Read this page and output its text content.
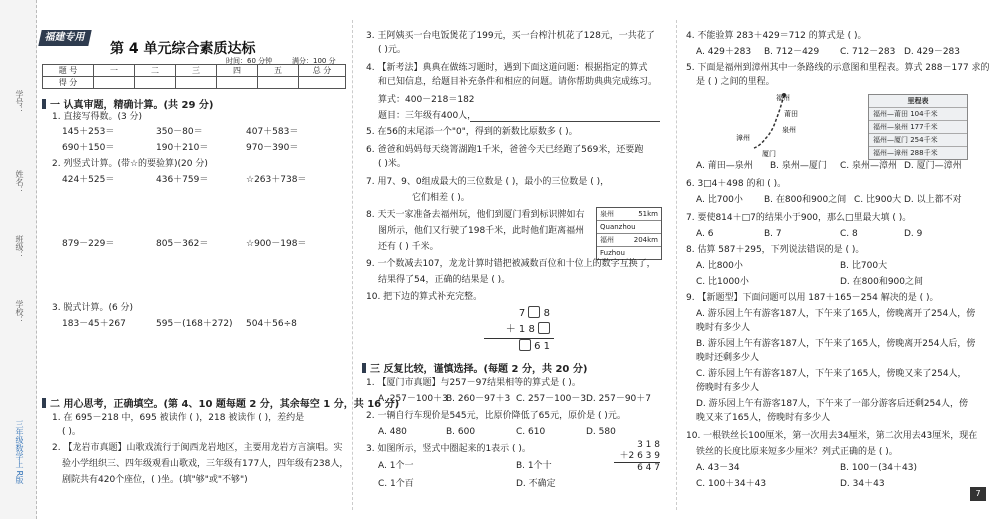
学号：
姓名：
班级：
学校：
三年级数学上 R版
福建专用
第 4 单元综合素质达标
时间：60 分钟	满分：100 分
题 号	一	二	三	四	五	总 分
得 分						
一 认真审题，精确计算。(共 29 分)
1. 直接写得数。(3 分)
145＋253＝	350－80＝	407＋583＝
690＋150＝	190＋210＝	970－390＝
2. 列竖式计算。(带☆的要验算)(20 分)
424＋525＝	436＋759＝	☆263＋738＝
879－229＝	805－362＝	☆900－198＝
3. 脱式计算。(6 分)
183－45＋267	595－(168＋272) 504＋56÷8
二 用心思考，正确填空。(第 4、10 题每题 2 分，其余每空 1 分，共 16 分)
1. 在 695－218 中，695 被读作 ( )，218 被读作 ( )，差约是
( )。
2. 【龙岩市真题】山歌戏流行于闽西龙岩地区，主要用龙岩方言演唱。实
验小学组织三、四年级观看山歌戏，三年级有177人，四年级有238人，
剧院共有420个座位，( )坐。(填"够"或"不够")
3. 王阿姨买一台电饭煲花了199元，买一台榨汁机花了128元，一共花了
( )元。
4. 【新考法】典典在做练习题时，遇到下面这道问题：根据指定的算式
和已知信息，给题目补充条件和相应的问题。请你帮助典典完成练习。
算式：400－218＝182
题目：三年级有400人，
5. 在56的末尾添一个"0"，得到的新数比原数多 ( )。
6. 爸爸和妈妈每天绕箐湖跑1千米，爸爸今天已经跑了569米，还要跑
( )米。
7. 用7、9、0组成最大的三位数是 ( )，最小的三位数是 ( )，
它们相差 ( )。
8. 天天一家准备去福州玩，他们到厦门看到标识牌如右
图所示，他们又行驶了198千米，此时他们距离福州
还有 ( ) 千米。
泉州	51km
Quanzhou
福州	204km
Fuzhou
9. 一个数减去107，龙龙计算时错把被减数百位和十位上的数字互换了，
结果得了54，正确的结果是 ( )。
10. 把下边的算式补充完整。
7 8
＋ 1 8
6 1
三 反复比较，谨慎选择。(每题 2 分，共 20 分)
1. 【厦门市真题】与257－97结果相等的算式是 ( )。
A. 257－100＋3
B. 260－97＋3 C. 257－100－3 D. 257－90＋7
2. 一辆自行车现价是545元，比原价降低了65元，原价是 ( )元。
A. 480	B. 600	C. 610	D. 580
3. 如图所示，竖式中圈起来的1表示 ( )。
A. 1个一	B. 1个十
C. 1个百	D. 不确定
3 1 8
＋2 6 3 9
6 4 7
4. 不能验算 283＋429＝712 的算式是 ( )。
A. 429＋283 B. 712－429 C. 712－283 D. 429－283
5. 下面是福州到漳州其中一条路线的示意图和里程表。算式 288－177 求的
是 ( ) 之间的里程。
福州
莆田
泉州
厦门
漳州
里程表
福州—莆田 104千米
福州—泉州 177千米
福州—厦门 254千米
福州—漳州 288千米
A. 莆田—泉州 B. 泉州—厦门 C. 泉州—漳州 D. 厦门—漳州
6. 3□4＋498 的和 ( )。
A. 比700小 B. 在800和900之间 C. 比900大 D. 以上都不对
7. 要使814＋□7的结果小于900，那么□里最大填 ( )。
A. 6	B. 7	C. 8	D. 9
8. 估算 587＋295，下列说法错误的是 ( )。
A. 比800小	B. 比700大
C. 比1000小	D. 在800和900之间
9. 【新题型】下面问题可以用 187＋165－254 解决的是 ( )。
A. 游乐园上午有游客187人，下午来了165人，傍晚离开了254人，傍
晚时有多少人
B. 游乐园上午有游客187人，下午来了165人，傍晚离开254人后，傍
晚时还剩多少人
C. 游乐园上午有游客187人，下午来了165人，傍晚又来了254人，
傍晚时有多少人
D. 游乐园上午有游客187人，下午来了一部分游客后还剩254人，傍
晚又来了165人，傍晚时有多少人
10. 一根铁丝长100厘米，第一次用去34厘米，第二次用去43厘米，现在
铁丝的长度比原来短多少厘米？列式正确的是 ( )。
A. 43－34	B. 100－(34＋43)
C. 100＋34＋43	D. 34＋43
7
